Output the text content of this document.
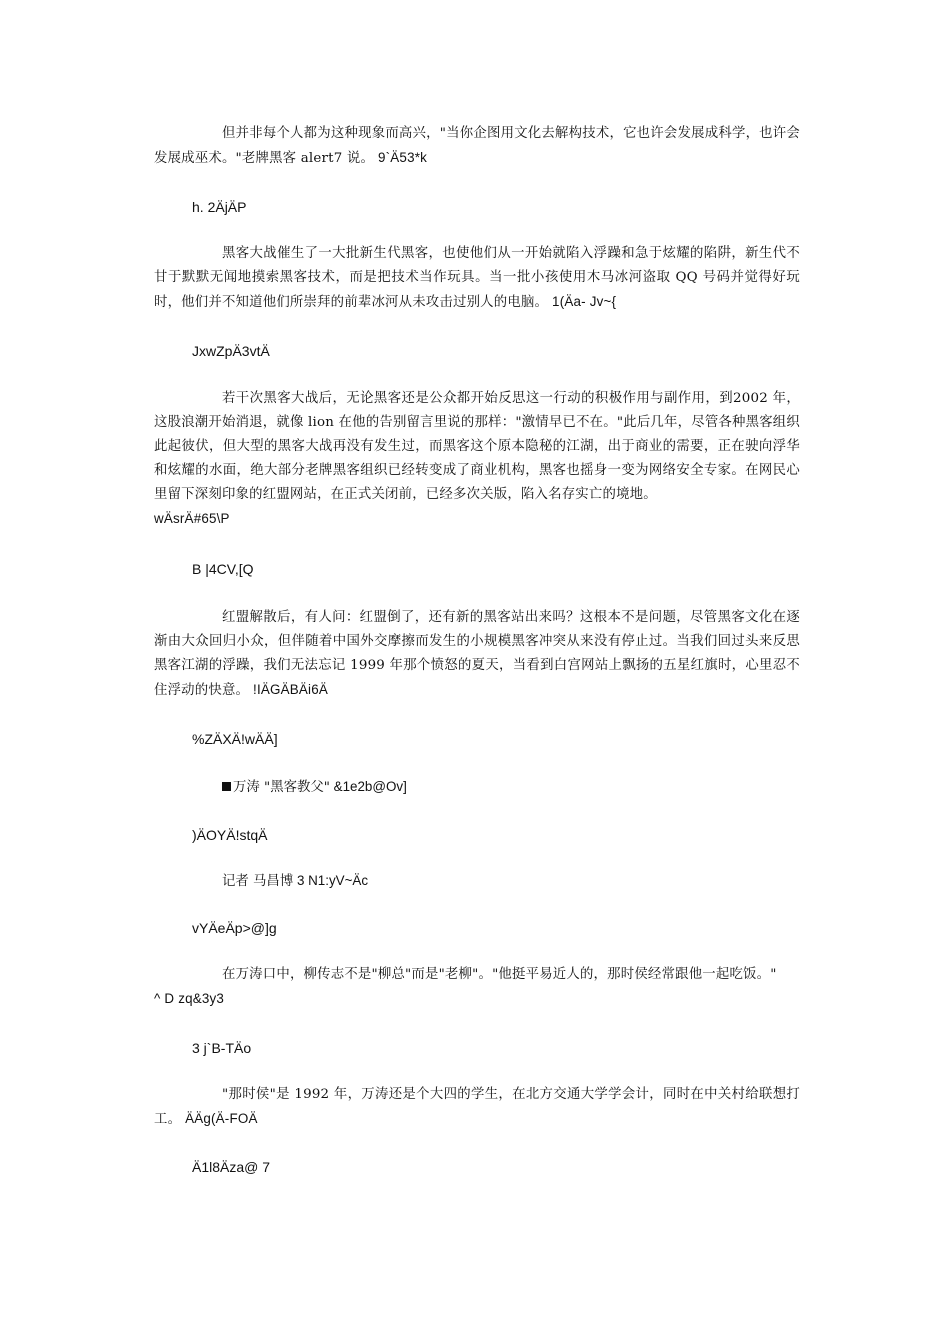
但并非每个人都为这种现象而高兴，"当你企图用文化去解构技术，它也许会发展成科学，也许会发展成巫术。"老牌黑客 alert7 说。 9`Ä53*k
h. 2ÄjÄP
黑客大战催生了一大批新生代黑客，也使他们从一开始就陷入浮躁和急于炫耀的陷阱，新生代不甘于默默无闻地摸索黑客技术，而是把技术当作玩具。当一批小孩使用木马冰河盗取 QQ 号码并觉得好玩时，他们并不知道他们所崇拜的前辈冰河从未攻击过别人的电脑。 1(Äa- Jv~{
JxwZpÄ3vtÄ
若干次黑客大战后，无论黑客还是公众都开始反思这一行动的积极作用与副作用，到2002 年，这股浪潮开始消退，就像 lion 在他的告别留言里说的那样："激情早已不在。"此后几年，尽管各种黑客组织此起彼伏，但大型的黑客大战再没有发生过，而黑客这个原本隐秘的江湖，出于商业的需要，正在驶向浮华和炫耀的水面，绝大部分老牌黑客组织已经转变成了商业机构，黑客也摇身一变为网络安全专家。在网民心里留下深刻印象的红盟网站，在正式关闭前，已经多次关版，陷入名存实亡的境地。
wÄsrÄ#65\P
B |4CV,[Q
红盟解散后，有人问：红盟倒了，还有新的黑客站出来吗？这根本不是问题，尽管黑客文化在逐渐由大众回归小众，但伴随着中国外交摩擦而发生的小规模黑客冲突从来没有停止过。当我们回过头来反思黑客江湖的浮躁，我们无法忘记 1999 年那个愤怒的夏天，当看到白宫网站上飘扬的五星红旗时，心里忍不住浮动的快意。 !IÄGÄBÄi6Ä
%ZÄXÄ!wÄÄ]
万涛 "黑客教父" &1e2b@Ov]
)ÄOYÄ!stqÄ
记者 马昌博 3 N1:yV~Äc
vYÄeÄp>@]g
在万涛口中，柳传志不是"柳总"而是"老柳"。"他挺平易近人的，那时侯经常跟他一起吃饭。"
^ D zq&3y3
3 j`B-TÄo
"那时侯"是 1992 年，万涛还是个大四的学生，在北方交通大学学会计，同时在中关村给联想打工。 ÄÄg(Ä-FOÄ
Ä1l8Äza@ 7
